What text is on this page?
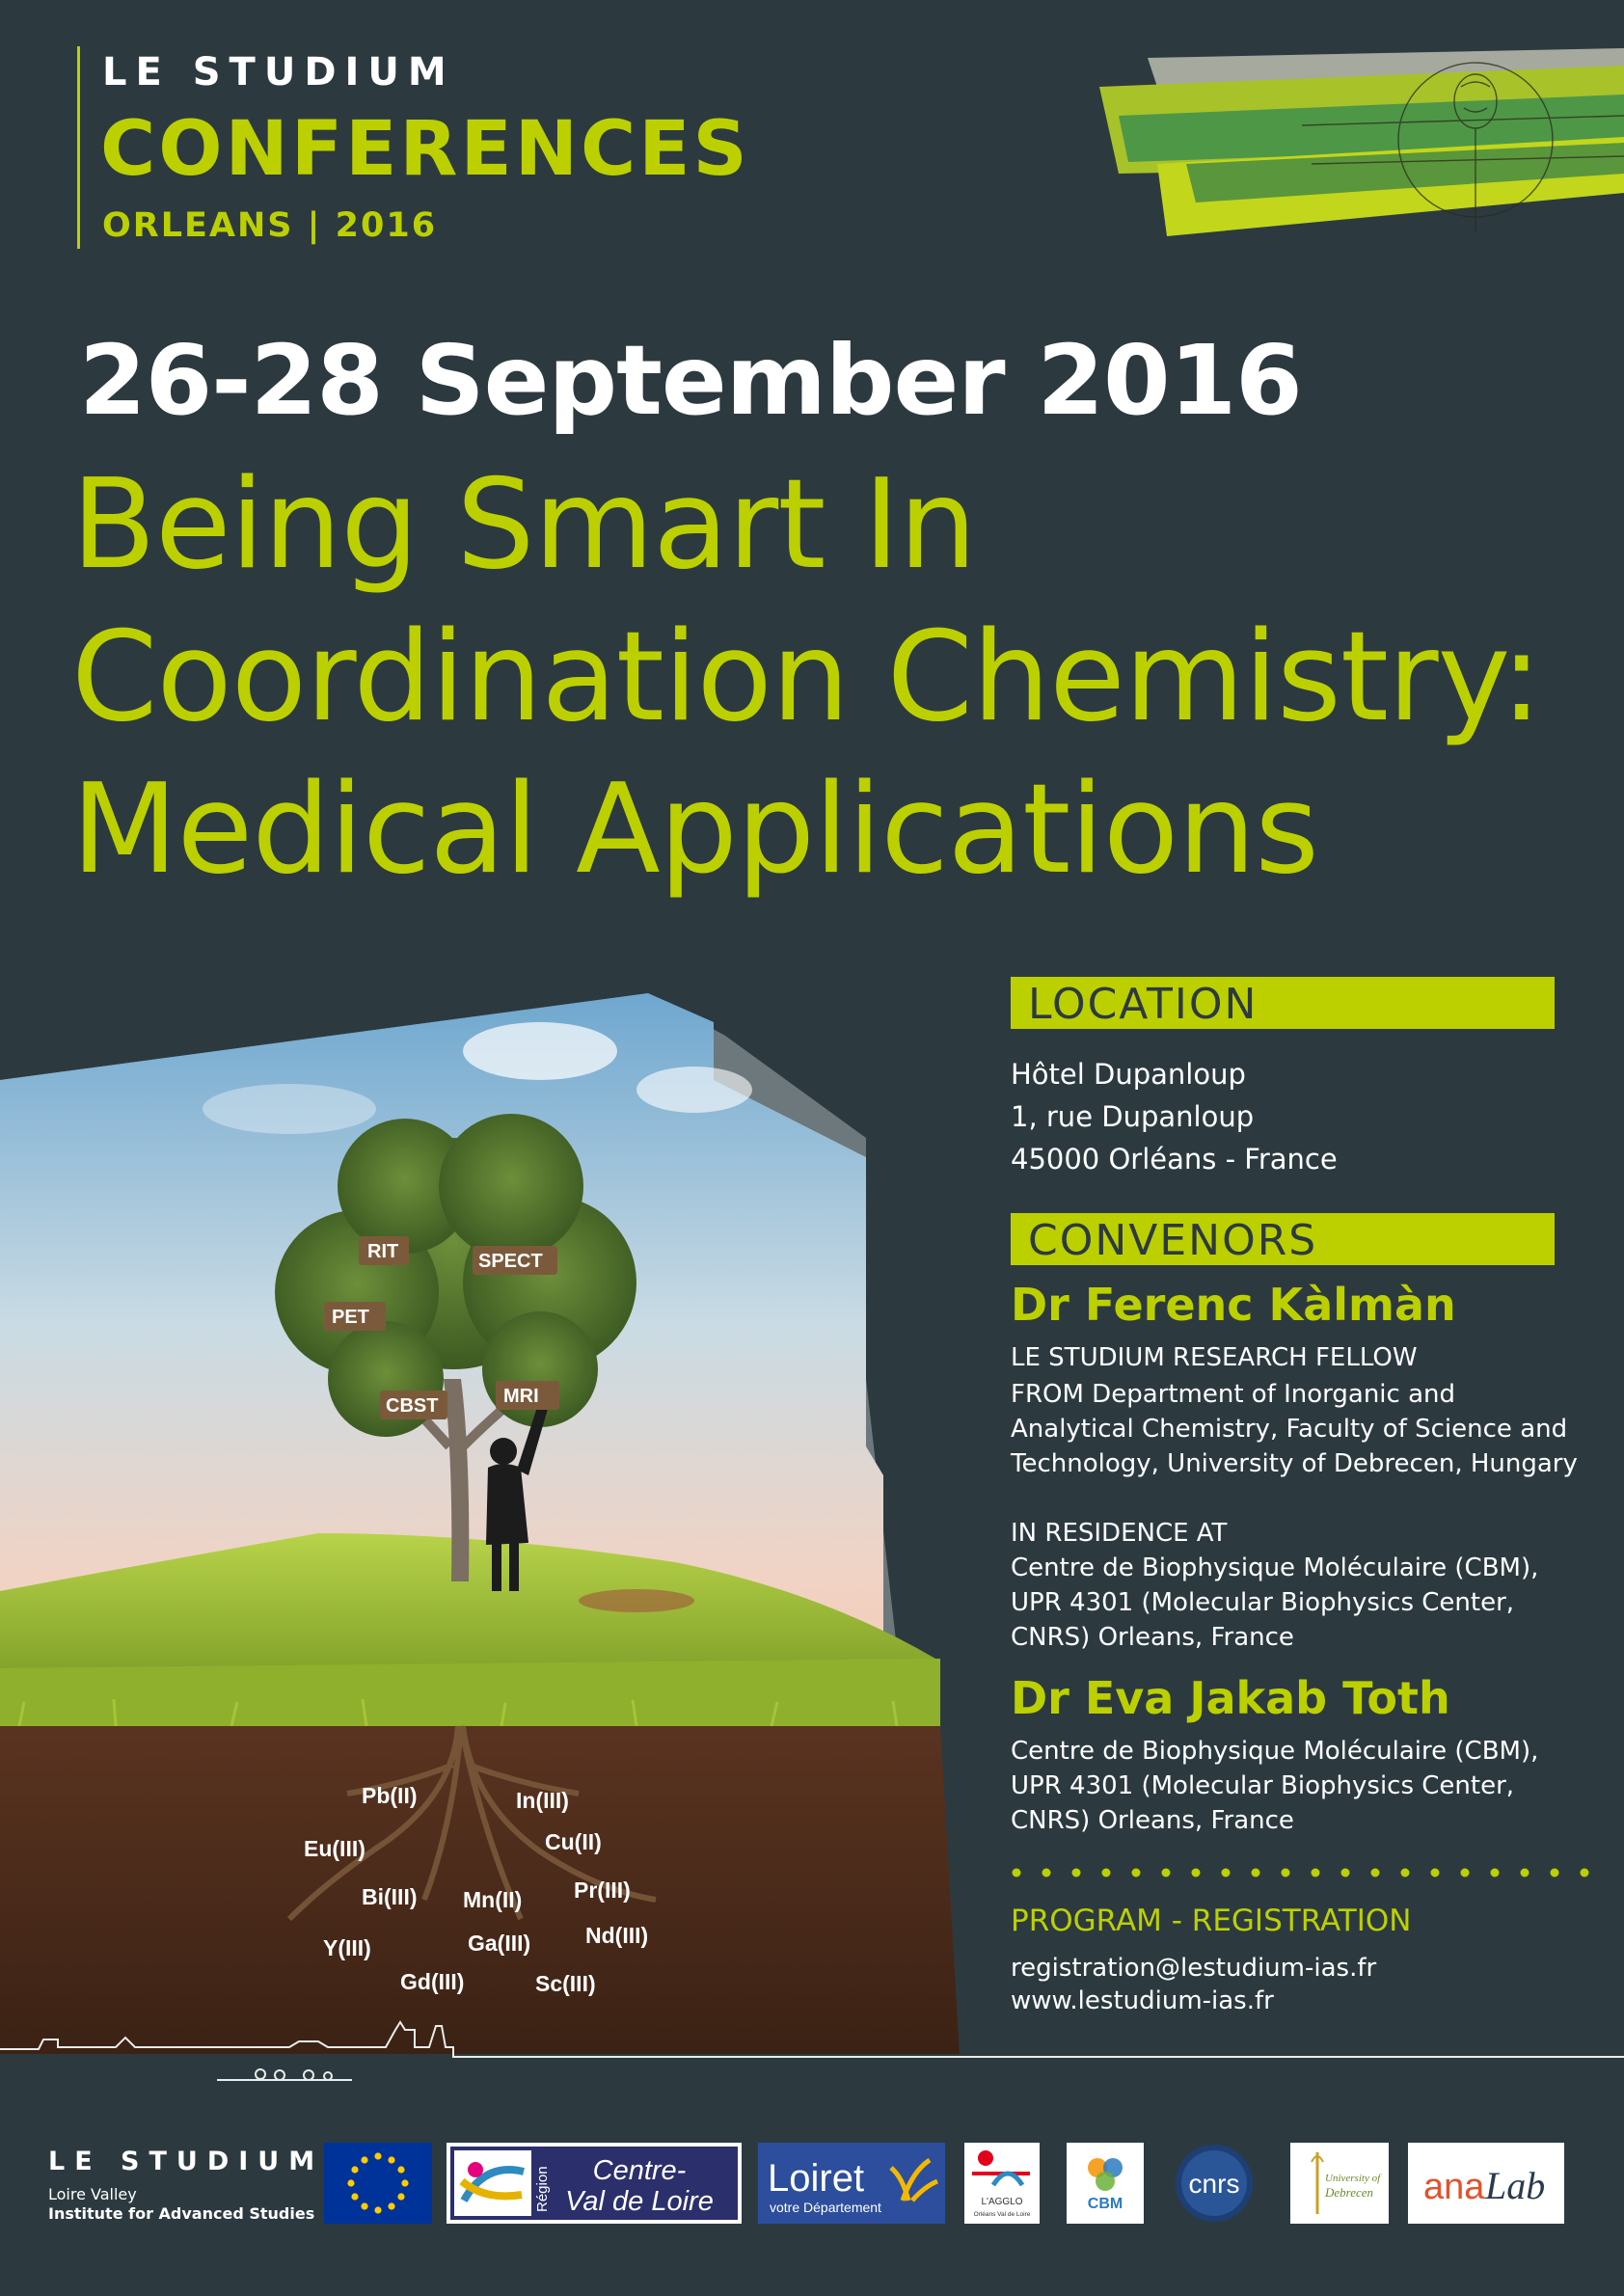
LE STUDIUM
CONFERENCES
ORLEANS | 2016
26-28 September 2016
Being Smart In
Coordination Chemistry:
Medical Applications
RIT	SPECT
PET
CBST	MRI
Pb(II)	In(III)
Eu(III)	Cu(II)
Bi(III) Mn(II) Pr(III)
Y(III)	Ga(III) Nd(III)
Gd(III)	Sc(III)
LOCATION
Hôtel Dupanloup
1, rue Dupanloup
45000 Orléans - France
CONVENORS
Dr Ferenc Kàlmàn
LE STUDIUM RESEARCH FELLOW
FROM Department of Inorganic and
Analytical Chemistry, Faculty of Science and
Technology, University of Debrecen, Hungary
IN RESIDENCE AT
Centre de Biophysique Moléculaire (CBM),
UPR 4301 (Molecular Biophysics Center,
CNRS) Orleans, France
Dr Eva Jakab Toth
Centre de Biophysique Moléculaire (CBM),
UPR 4301 (Molecular Biophysics Center,
CNRS) Orleans, France
PROGRAM - REGISTRATION
registration@lestudium-ias.fr
www.lestudium-ias.fr
LE STUDIUM
Loire Valley
Institute for Advanced Studies
Région Centre-
Val de Loire
Loiret
votre Département	L'AGGLO
Orléans Val de Loire
CBM
cnrs	University of
Debrecen ana Lab
